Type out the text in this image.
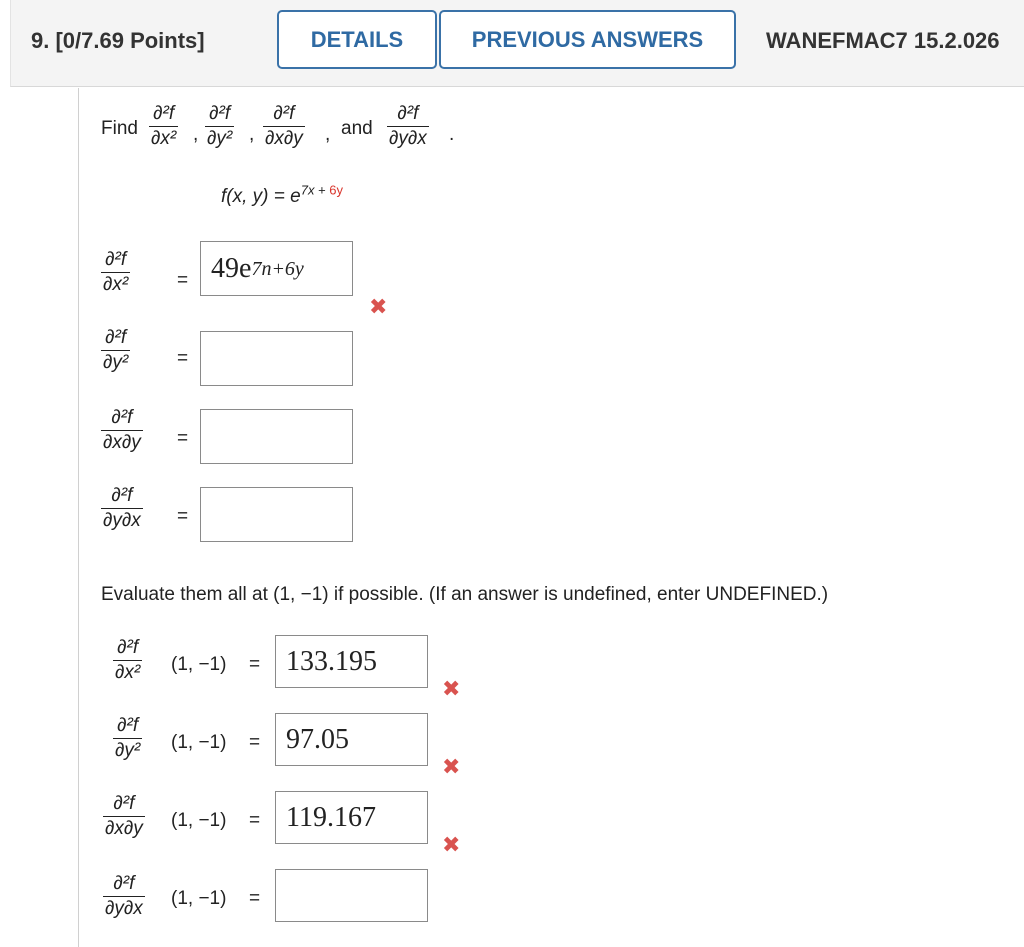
9. [0/7.69 Points]	DETAILS	PREVIOUS ANSWERS	WANEFMAC7 15.2.026
Find
∂²f
∂x² ,
∂²f
∂y² ,
∂²f
∂x∂y , and
∂²f
∂y∂x .
f(x, $y) = e^{7x + 6y}$
∂²f
∂x²	= 49e 7n+6y
✖
∂²f
∂y²	=
∂²f
∂x∂y =
∂²f
∂y∂x =
Evaluate them all at (1, −1) if possible. (If an answer is undefined, enter UNDEFINED.)
∂²f
∂x² (1, −1) = 133.195
✖
∂²f
∂y² (1, −1) = 97.05
✖
∂²f
∂x∂y (1, −1) = 119.167
✖
∂²f
∂y∂x (1, −1) =
